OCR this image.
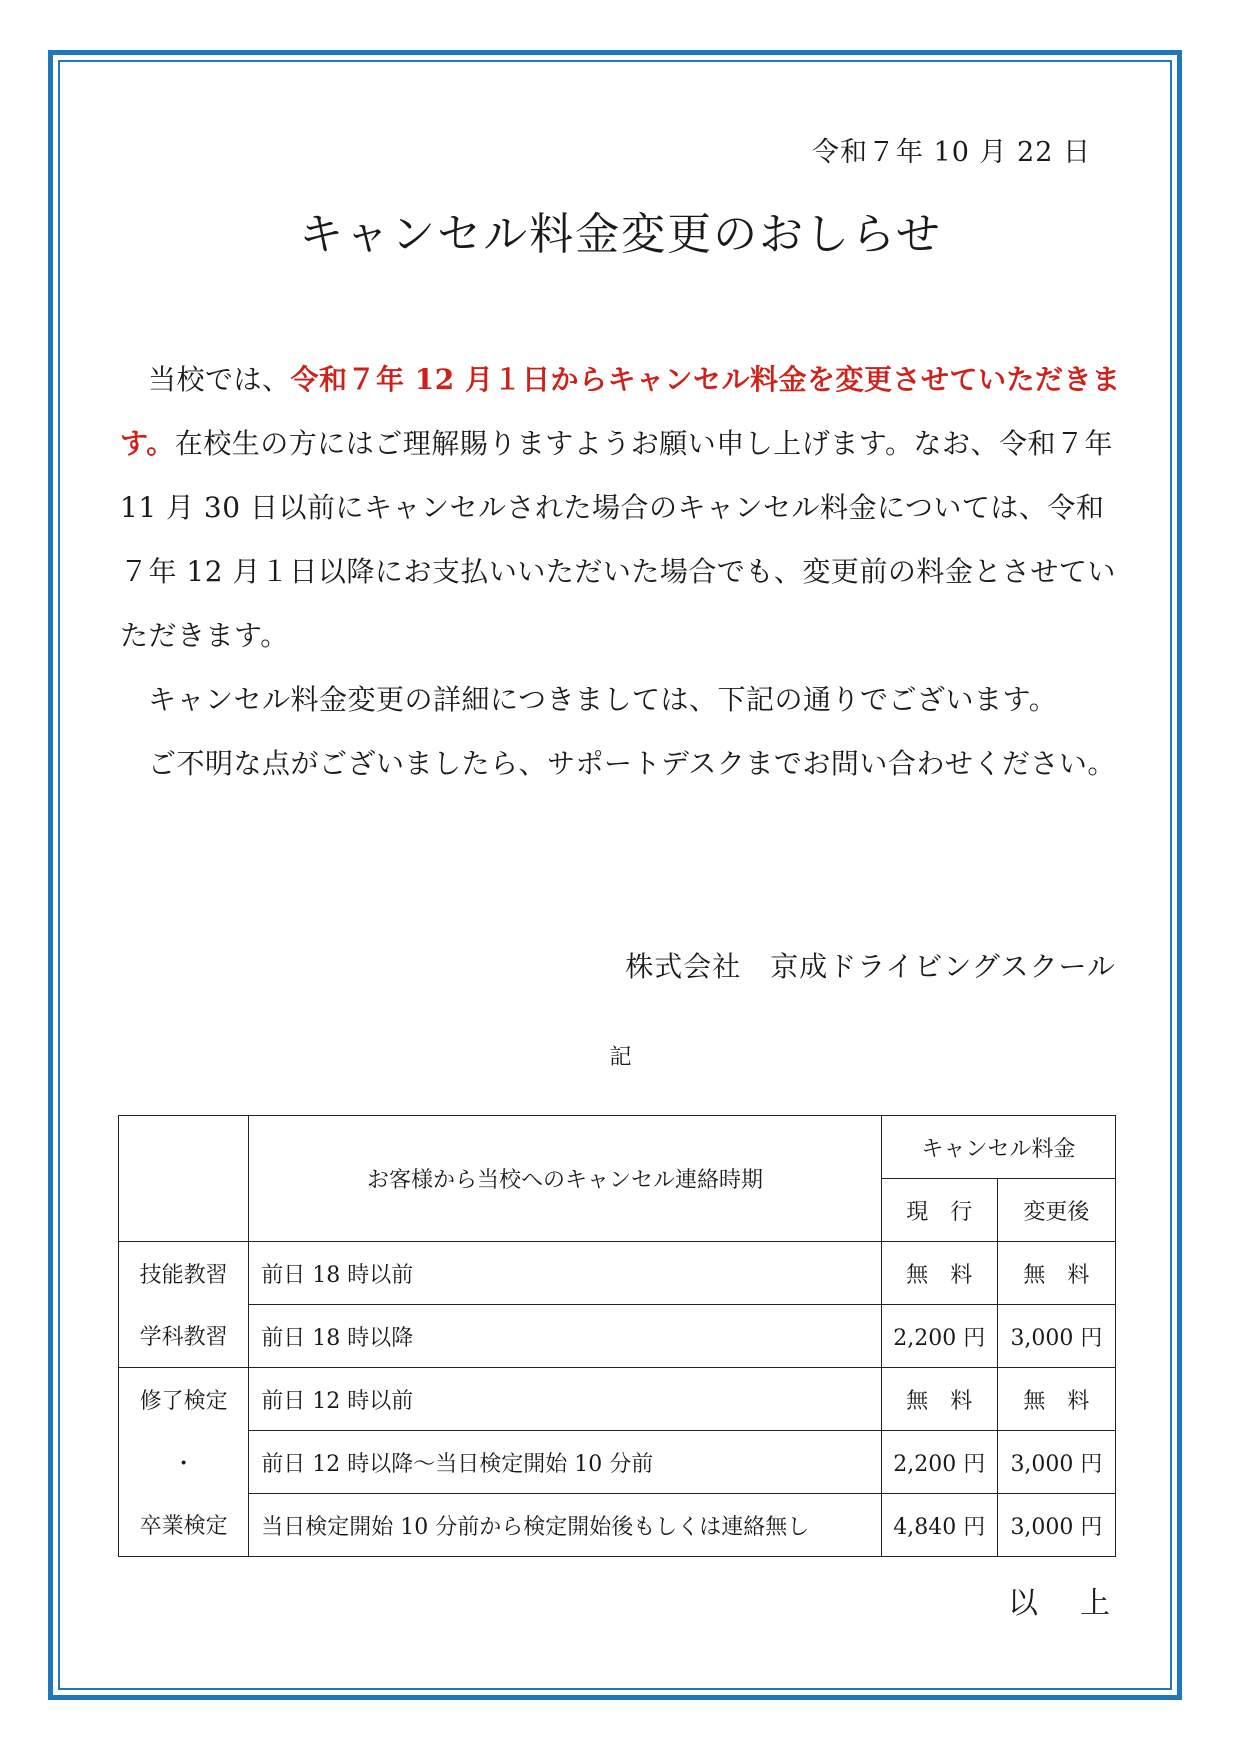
令和７年 10 月 22 日
キャンセル料金変更のおしらせ

当校では、令和７年 12 月１日からキャンセル料金を変更させていただきます。在校生の方にはご理解賜りますようお願い申し上げます。なお、令和７年 11 月 30 日以前にキャンセルされた場合のキャンセル料金については、令和７年 12 月１日以降にお支払いいただいた場合でも、変更前の料金とさせていただきます。

キャンセル料金変更の詳細につきましては、下記の通りでございます。

ご不明な点がございましたら、サポートデスクまでお問い合わせください。

株式会社　京成ドライビングスクール
記
	お客様から当校へのキャンセル連絡時期	キャンセル料金	
		現　行	変更後
技能教習	前日 18 時以前	無　料	無　料
学科教習	前日 18 時以降	2,200 円	3,000 円
修了検定	前日 12 時以前	無　料	無　料
・	前日 12 時以降～当日検定開始 10 分前	2,200 円	3,000 円
卒業検定	当日検定開始 10 分前から検定開始後もしくは連絡無し	4,840 円	3,000 円
以　上
